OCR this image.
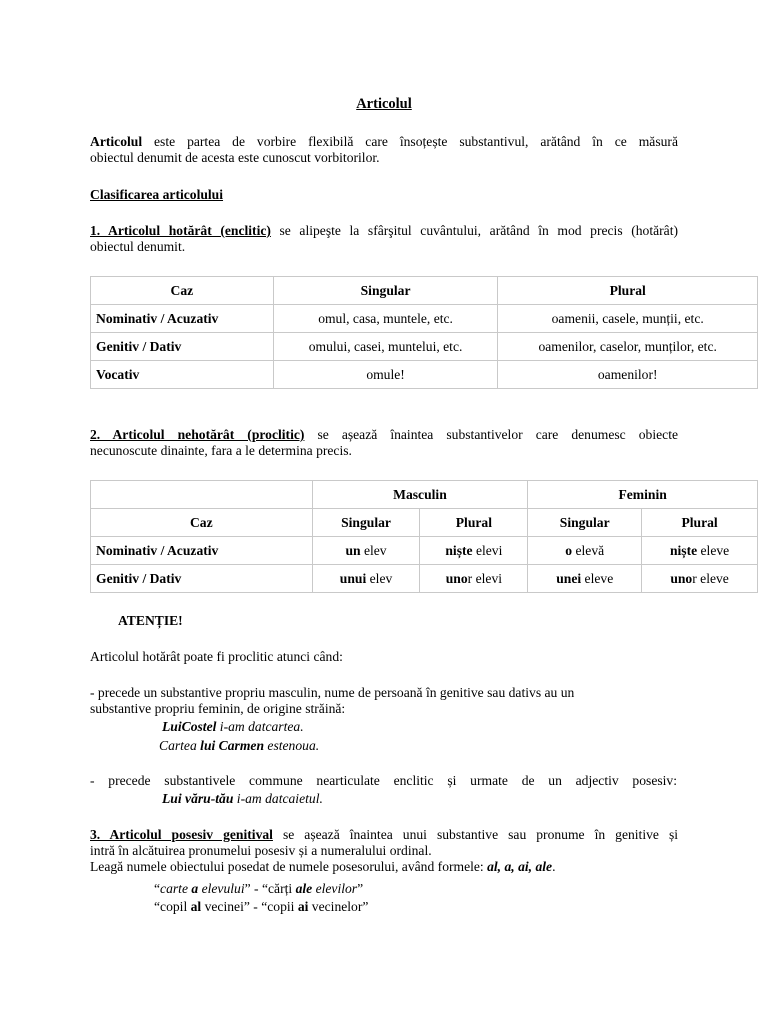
Articolul
Articolul este partea de vorbire flexibilă care însoțește substantivul, arătând în ce măsură
obiectul denumit de acesta este cunoscut vorbitorilor.
Clasificarea articolului
1. Articolul hotărât (enclitic) se alipeşte la sfârşitul cuvântului, arătând în mod precis (hotărât)
obiectul denumit.
Caz	Singular	Plural
Nominativ / Acuzativ	omul, casa, muntele, etc.	oamenii, casele, munții, etc.
Genitiv / Dativ	omului, casei, muntelui, etc.	oamenilor, caselor, munților, etc.
Vocativ	omule!	oamenilor!
2. Articolul nehotărât (proclitic) se așează înaintea substantivelor care denumesc obiecte
necunoscute dinainte, fara a le determina precis.
	Masculin		Feminin	
Caz	Singular	Plural	Singular	Plural
Nominativ / Acuzativ	un elev	niște elevi	o elevă	niște eleve
Genitiv / Dativ	unui elev	unor elevi	unei eleve	unor eleve
ATENȚIE!
Articolul hotărât poate fi proclitic atunci când:
- precede un substantive propriu masculin, nume de persoană în genitive sau dativs au un
substantive propriu feminin, de origine străină:
LuiCostel i-am datcartea.
Cartea lui Carmen estenoua.
- precede substantivele commune nearticulate enclitic și urmate de un adjectiv posesiv:
Lui văru-tău i-am datcaietul.
3. Articolul posesiv genitival se așează înaintea unui substantive sau pronume în genitive și
intră în alcătuirea pronumelui posesiv și a numeralului ordinal.
Leagă numele obiectului posedat de numele posesorului, având formele: al, a, ai, ale.
“carte a elevului” - “cărți ale elevilor”
“copil al vecinei” - “copii ai vecinelor”
